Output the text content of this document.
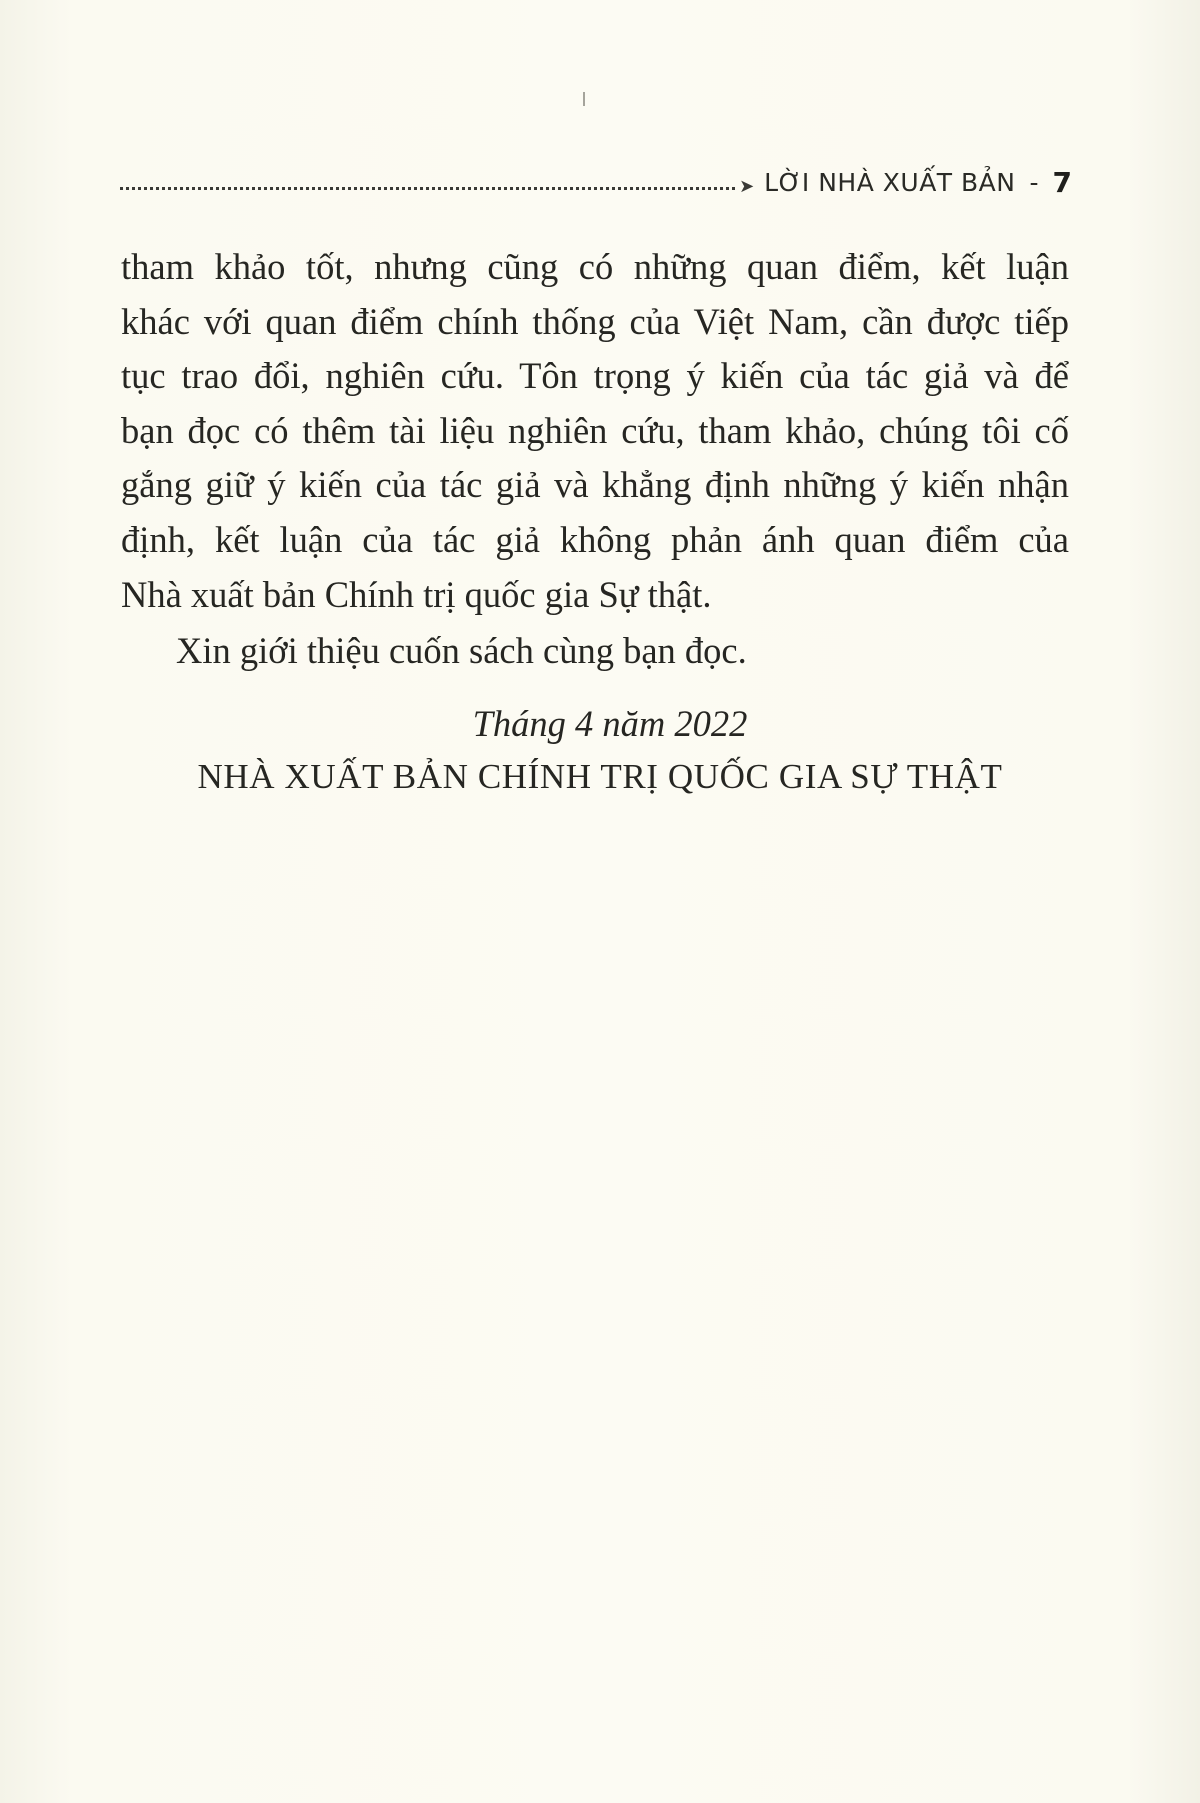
➤ LỜI NHÀ XUẤT BẢN - 7
tham khảo tốt, nhưng cũng có những quan điểm, kết luận
khác với quan điểm chính thống của Việt Nam, cần được tiếp
tục trao đổi, nghiên cứu. Tôn trọng ý kiến của tác giả và để
bạn đọc có thêm tài liệu nghiên cứu, tham khảo, chúng tôi cố
gắng giữ ý kiến của tác giả và khẳng định những ý kiến nhận
định, kết luận của tác giả không phản ánh quan điểm của
Nhà xuất bản Chính trị quốc gia Sự thật.
Xin giới thiệu cuốn sách cùng bạn đọc.
Tháng 4 năm 2022
NHÀ XUẤT BẢN CHÍNH TRỊ QUỐC GIA SỰ THẬT
